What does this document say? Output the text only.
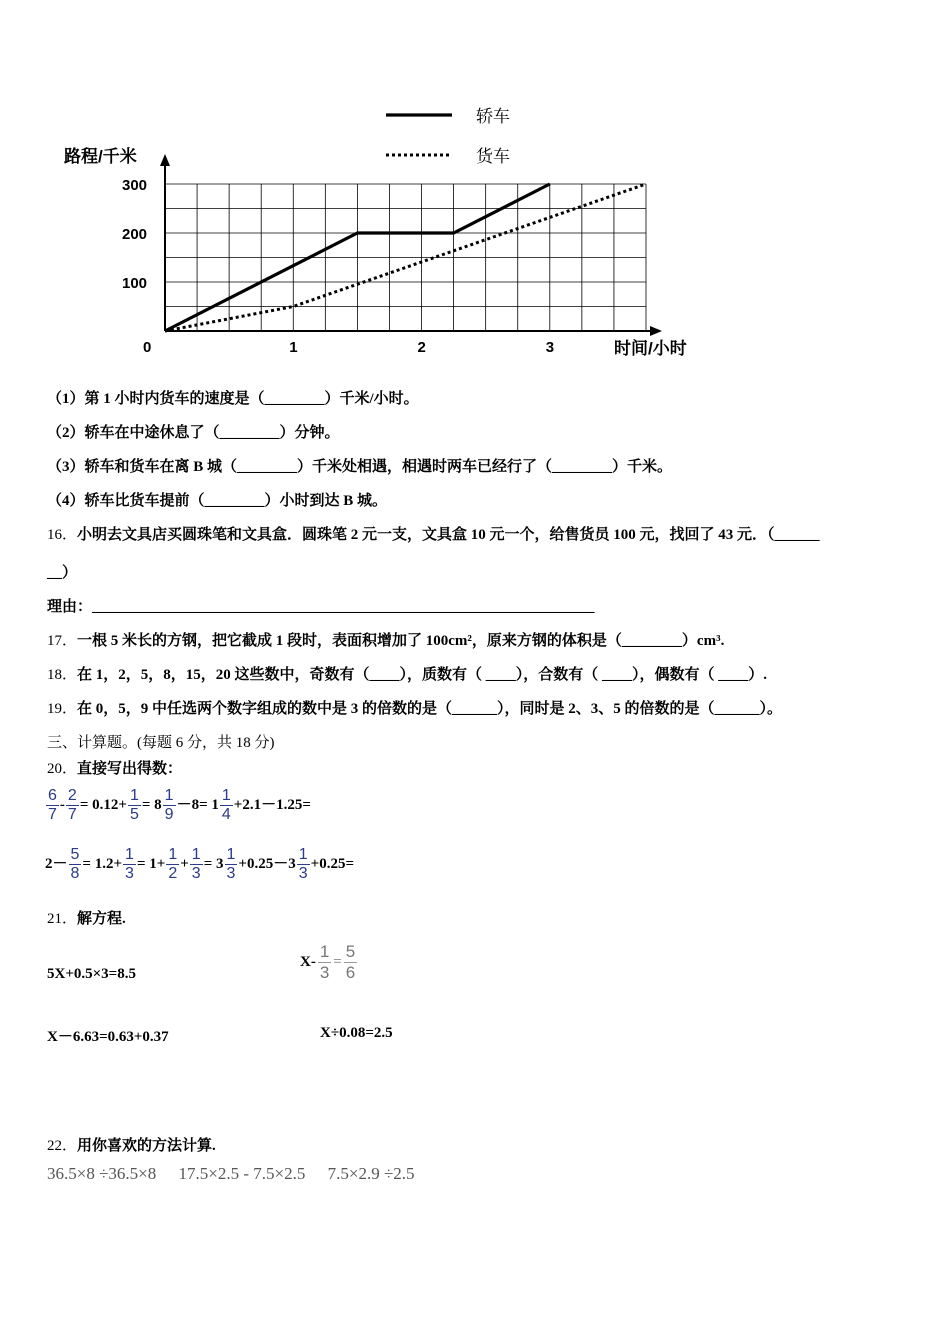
路程/千米
时间/小时
100
200
300
0	1	2	3
轿车
货车
（1）第 1 小时内货车的速度是（________）千米/小时。
（2）轿车在中途休息了（________）分钟。
（3）轿车和货车在离 B 城（________）千米处相遇，相遇时两车已经行了（________）千米。
（4）轿车比货车提前（________）小时到达 B 城。
16．小明去文具店买圆珠笔和文具盒．圆珠笔 2 元一支，文具盒 10 元一个，给售货员 100 元，找回了 43 元．（______
__）
理由：___________________________________________________________________
17．一根 5 米长的方钢，把它截成 1 段时，表面积增加了 100cm²，原来方钢的体积是（________）cm³.
18．在 1，2，5，8，15，20 这些数中，奇数有（____），质数有（ ____），合数有（ ____），偶数有（ ____）.
19．在 0，5，9 中任选两个数字组成的数中是 3 的倍数的是（______），同时是 2、3、5 的倍数的是（______）。
三、计算题。(每题 6 分，共 18 分)
20．直接写出得数：
$\frac{6}{7} - \frac{2}{7} = 0.12+ \frac{1}{5} = 8 \frac{1}{9} -8= 1 \frac{1}{4} +2.1-1.25=$
$2- \frac{5}{8} = 1.2+ \frac{1}{3} = 1+ \frac{1}{2} + \frac{1}{3} = 3 \frac{1}{3} +0.25-3 \frac{1}{3} +0.25=$
21．解方程.
5X+0.5×3=8.5
$X- \frac{1}{3} = \frac{5}{6}$
X－6.63=0.63+0.37	X÷0.08=2.5
22．用你喜欢的方法计算.
36.5×8 ÷36.5×8 17.5×2.5 - 7.5×2.5 7.5×2.9 ÷2.5
